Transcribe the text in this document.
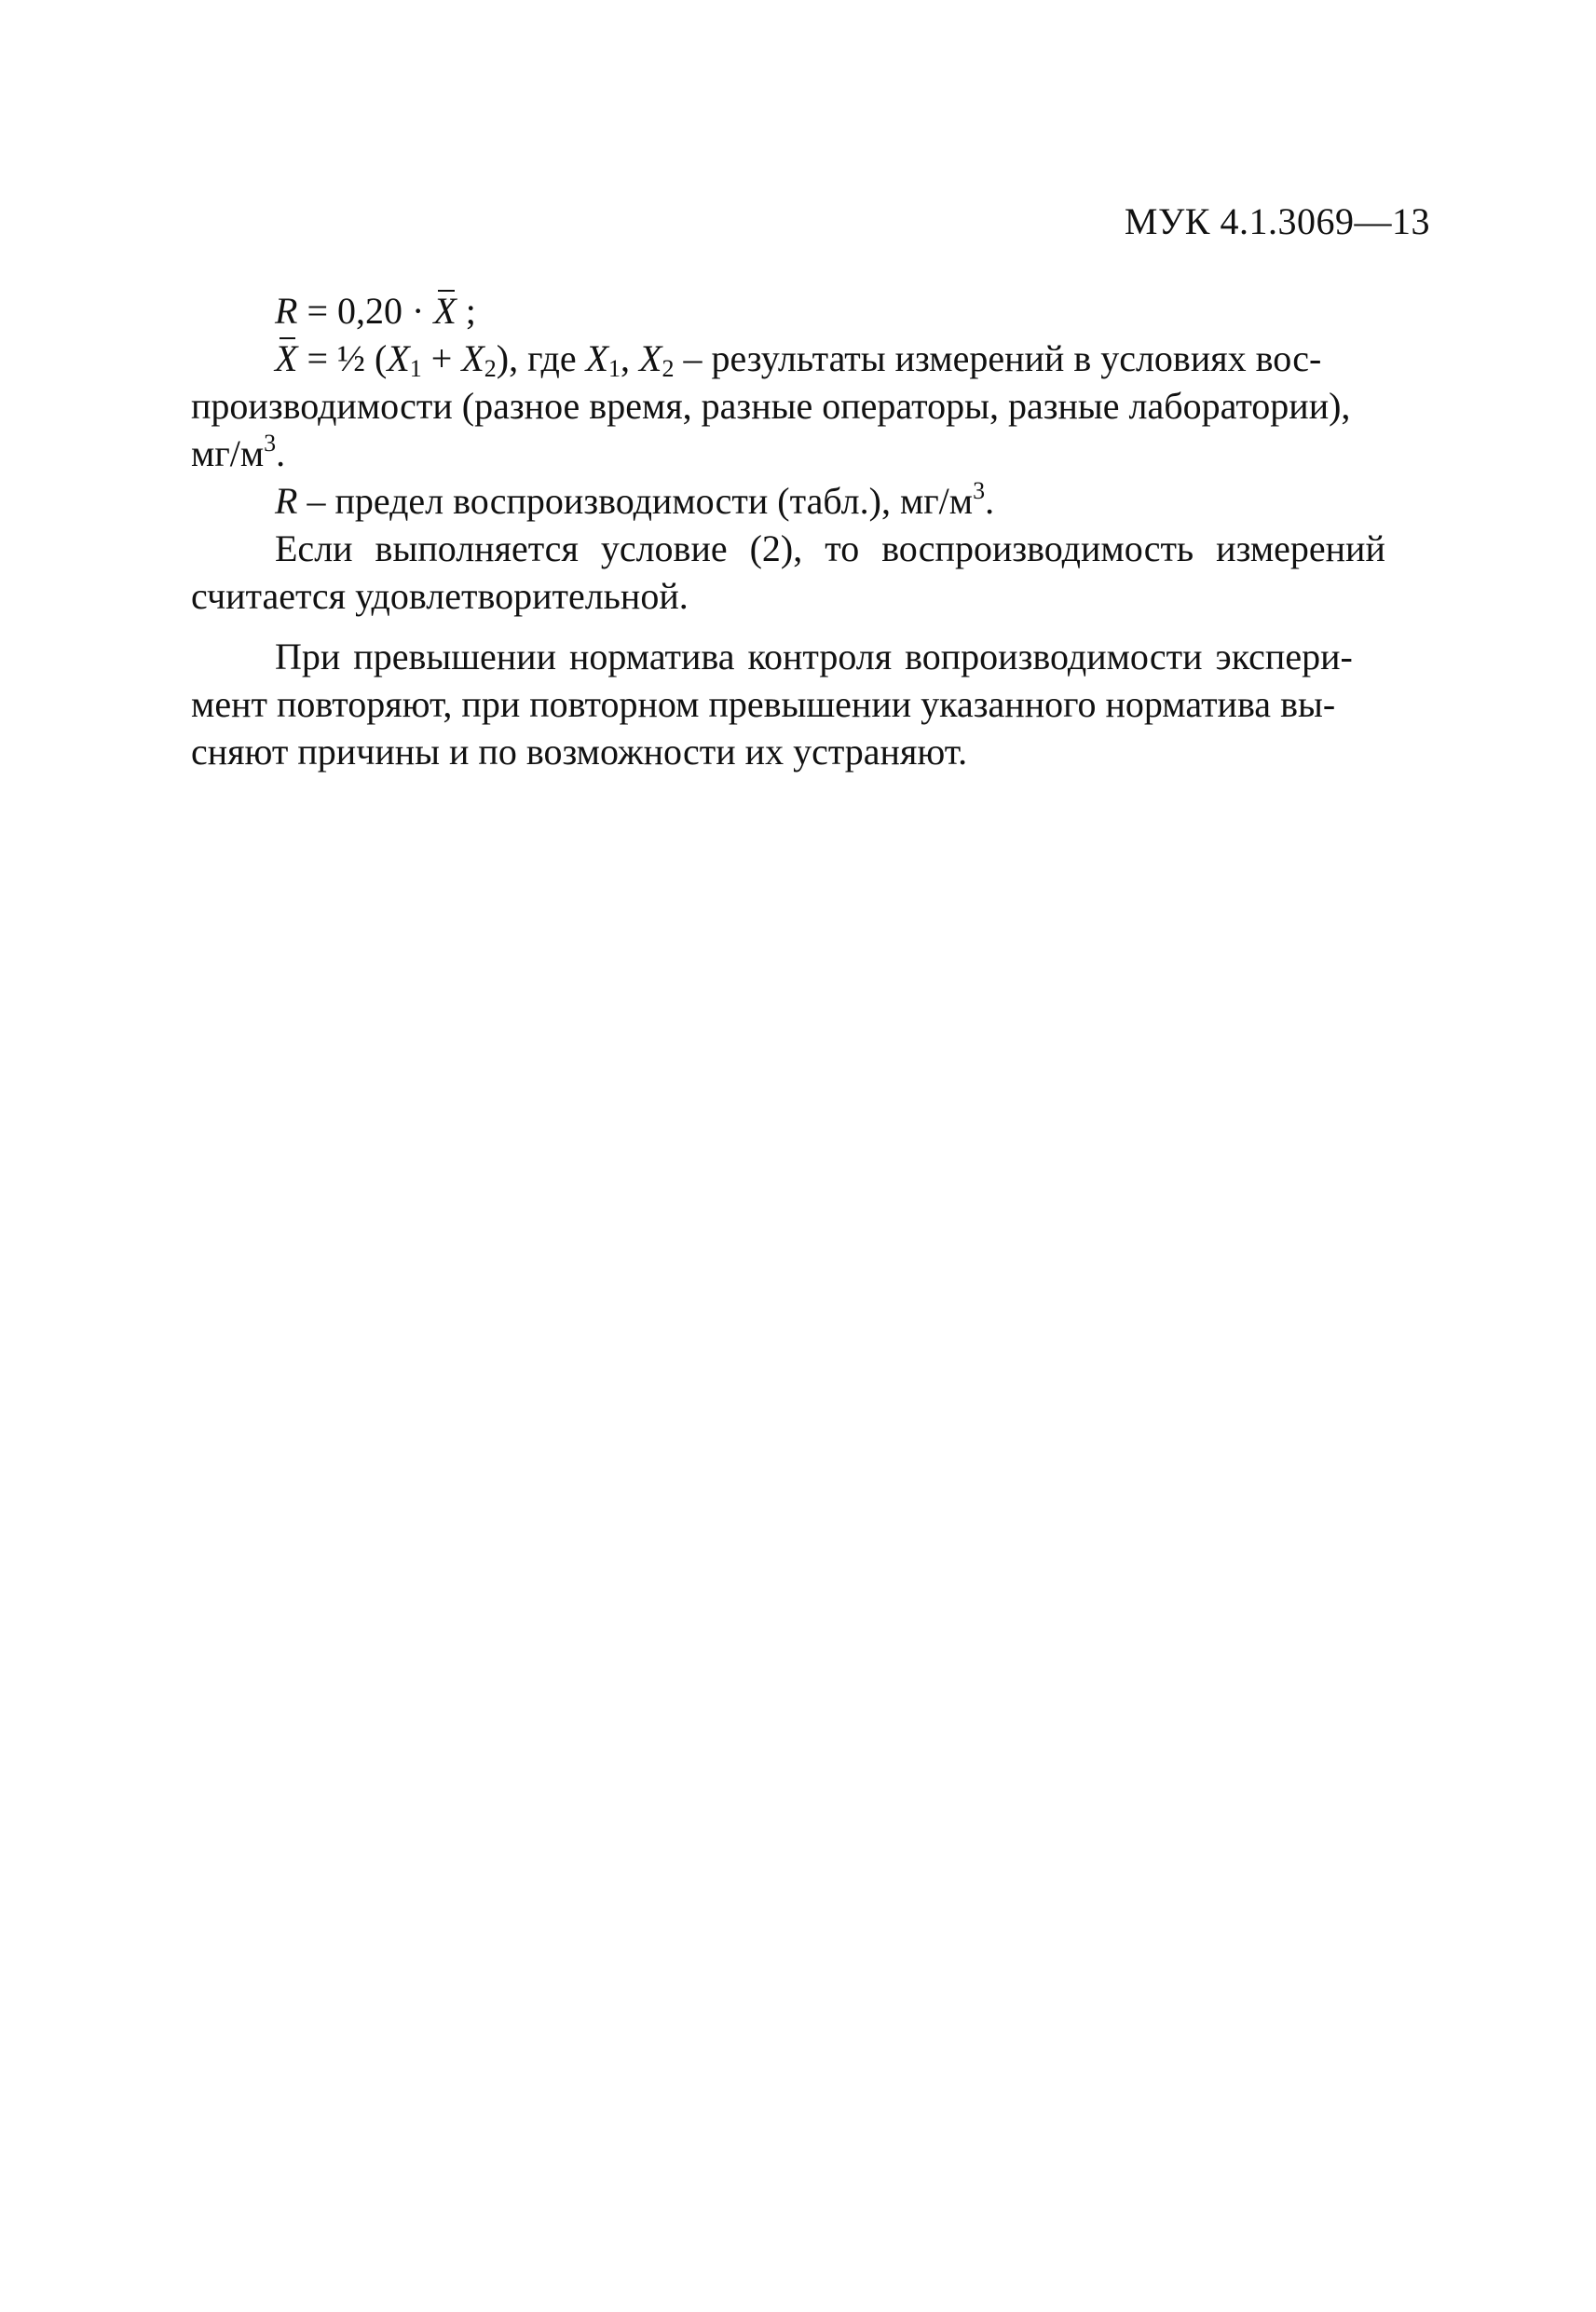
МУК 4.1.3069—13
R = 0,20 · X ;
X = ½ $(X_1 + X_2)$, где $X_1$, $X_2$ – результаты измерений в условиях вос-
производимости (разное время, разные операторы, разные лаборатории),
$мг/м^3$.
R – предел воспроизводимости (табл.), $мг/м^3$.
Если выполняется условие (2), то воспроизводимость измерений
считается удовлетворительной.
При превышении норматива контроля вопроизводимости экспери-
мент повторяют, при повторном превышении указанного норматива вы-
сняют причины и по возможности их устраняют.
